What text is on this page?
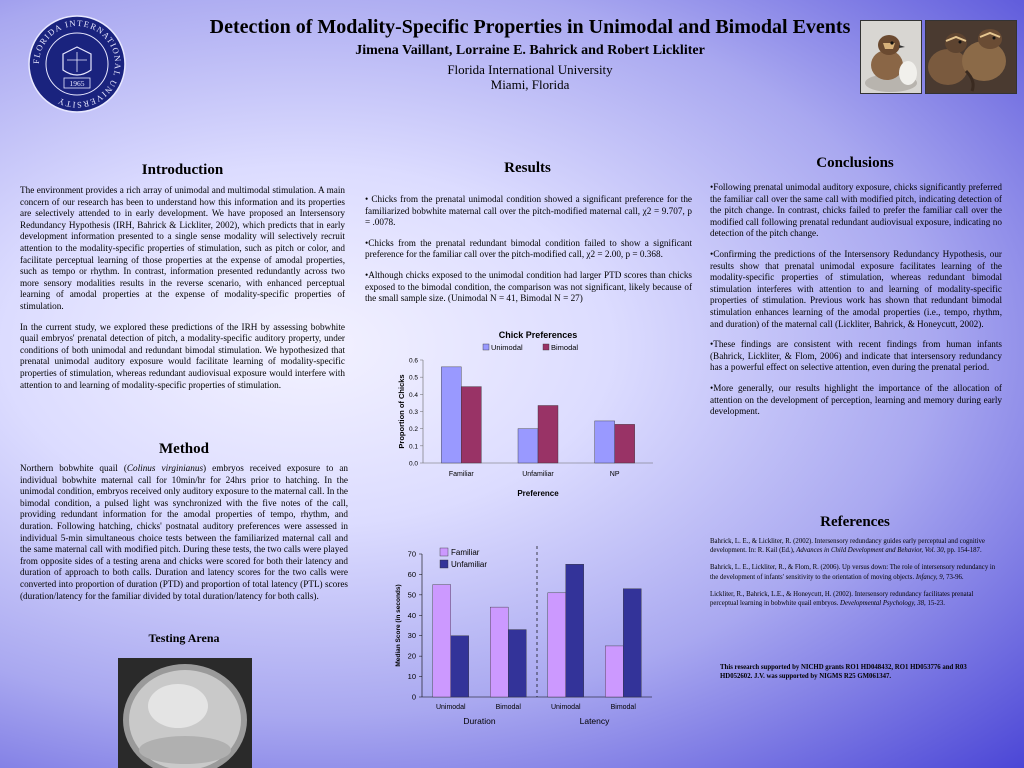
FLORIDA INTERNATIONAL UNIVERSITY
1965
Detection of Modality-Specific Properties in Unimodal and Bimodal Events
Jimena Vaillant, Lorraine E. Bahrick and Robert Lickliter
Florida International University
Miami, Florida
Introduction

The environment provides a rich array of unimodal and multimodal stimulation. A main concern of our research has been to understand how this information and its properties are selectively attended to in early development. We have proposed an Intersensory Redundancy Hypothesis (IRH, Bahrick & Lickliter, 2002), which predicts that in early development information presented to a single sense modality will selectively recruit attention to the modality-specific properties of stimulation, such as pitch or color, and facilitate perceptual learning of those properties at the expense of amodal properties, such as tempo or rhythm. In contrast, information presented redundantly across two more sensory modalities results in the reverse scenario, with enhanced perceptual learning of amodal properties at the expense of modality-specific properties of stimulation.

In the current study, we explored these predictions of the IRH by assessing bobwhite quail embryos' prenatal detection of pitch, a modality-specific auditory property, under conditions of both unimodal and redundant bimodal stimulation. We hypothesized that prenatal unimodal auditory exposure would facilitate learning of modality-specific properties of stimulation, whereas redundant audiovisual exposure would interfere with attention to and learning of modality-specific properties of stimulation.

Method

Northern bobwhite quail (Colinus virginianus) embryos received exposure to an individual bobwhite maternal call for 10min/hr for 24hrs prior to hatching. In the unimodal condition, embryos received only auditory exposure to the maternal call. In the bimodal condition, a pulsed light was synchronized with the five notes of the call, providing redundant information for the amodal properties of tempo, rhythm, and duration. Following hatching, chicks' postnatal auditory preferences were assessed in individual 5-min simultaneous choice tests between the familiarized maternal call and the same maternal call with modified pitch. During these tests, the two calls were played from opposite sides of a testing arena and chicks were scored for both their latency and duration of approach to both calls. Duration and latency scores for the two calls were converted into proportion of duration (PTD) and proportion of total latency (PTL) scores (duration/latency for the familiar divided by total duration/latency for both calls).

Testing Arena
Results

• Chicks from the prenatal unimodal condition showed a significant preference for the familiarized bobwhite maternal call over the pitch-modified maternal call, χ2 = 9.707, p = .0078.

•Chicks from the prenatal redundant bimodal condition failed to show a significant preference for the familiar call over the pitch-modified call, χ2 = 2.00, p = 0.368.

•Although chicks exposed to the unimodal condition had larger PTD scores than chicks exposed to the bimodal condition, the comparison was not significant, likely because of the small sample size. (Unimodal N = 41, Bimodal N = 27)

Chick Preferences
Unimodal	Bimodal
0.0
0.1
0.2
0.3
0.4
0.5
0.6
Familiar	Unfamiliar	NP
Preference
Proportion of Chicks
0
10
20
30
40
50
60
70	Familiar
Unfamiliar
Unimodal	Bimodal	Unimodal	Bimodal
Duration	Latency
Median Score (in seconds)
Conclusions

•Following prenatal unimodal auditory exposure, chicks significantly preferred the familiar call over the same call with modified pitch, indicating detection of the pitch change. In contrast, chicks failed to prefer the familiar call over the modified call following prenatal redundant audiovisual exposure, indicating no detection of the pitch change.

•Confirming the predictions of the Intersensory Redundancy Hypothesis, our results show that prenatal unimodal exposure facilitates learning of the modality-specific properties of stimulation, whereas redundant bimodal stimulation interferes with attention to and learning of modality-specific properties of stimulation. Previous work has shown that redundant bimodal stimulation enhances learning of the amodal properties (i.e., tempo, rhythm, and duration) of the maternal call (Lickliter, Bahrick, & Honeycutt, 2002).

•These findings are consistent with recent findings from human infants (Bahrick, Lickliter, & Flom, 2006) and indicate that intersensory redundancy has a powerful effect on selective attention, even during the prenatal period.

•More generally, our results highlight the importance of the allocation of attention on the development of perception, learning and memory during early development.

References

Bahrick, L. E., & Lickliter, R. (2002). Intersensory redundancy guides early perceptual and cognitive development. In: R. Kail (Ed.), Advances in Child Development and Behavior, Vol. 30, pp. 154-187.

Bahrick, L. E., Lickliter, R., & Flom, R. (2006). Up versus down: The role of intersensory redundancy in the development of infants' sensitivity to the orientation of moving objects. Infancy, 9, 73-96.

Lickliter, R., Bahrick, L.E., & Honeycutt, H. (2002). Intersensory redundancy facilitates prenatal perceptual learning in bobwhite quail embryos. Developmental Psychology, 38, 15-23.

This research supported by NICHD grants RO1 HD048432, RO1 HD053776 and R03 HD052602. J.V. was supported by NIGMS R25 GM061347.
